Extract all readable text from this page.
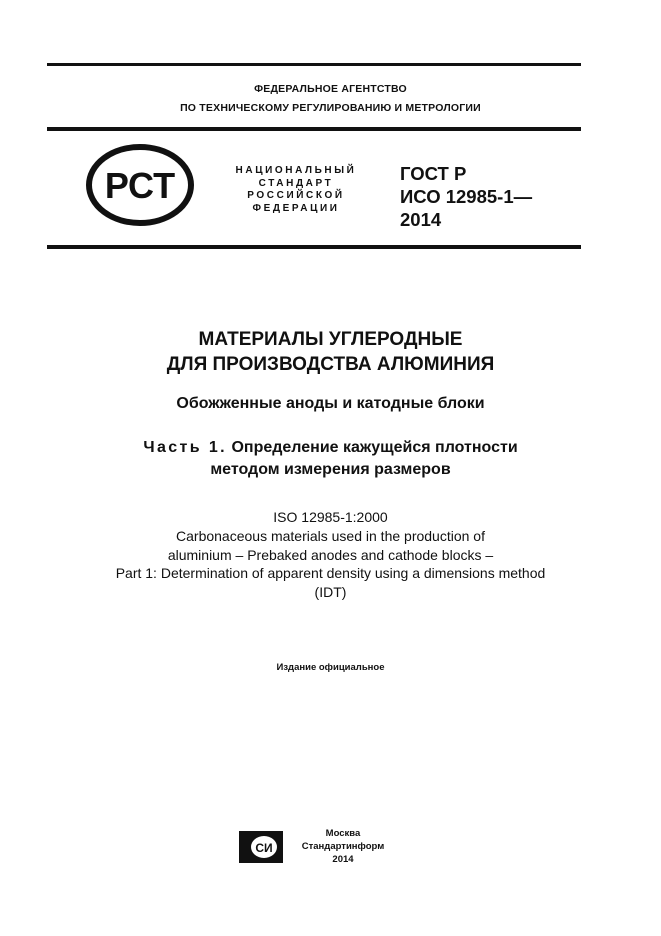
ФЕДЕРАЛЬНОЕ АГЕНТСТВО
ПО ТЕХНИЧЕСКОМУ РЕГУЛИРОВАНИЮ И МЕТРОЛОГИИ
РСТ	НАЦИОНАЛЬНЫЙ
СТАНДАРТ
РОССИЙСКОЙ
ФЕДЕРАЦИИ
ГОСТ Р
ИСО 12985-1—
2014
МАТЕРИАЛЫ УГЛЕРОДНЫЕ
ДЛЯ ПРОИЗВОДСТВА АЛЮМИНИЯ
Обожженные аноды и катодные блоки
Часть 1. Определение кажущейся плотности
методом измерения размеров
ISO 12985-1:2000
Carbonaceous materials used in the production of
aluminium – Prebaked anodes and cathode blocks –
Part 1: Determination of apparent density using a dimensions method
(IDT)
Издание официальное
СИ
Москва
Стандартинформ
2014
